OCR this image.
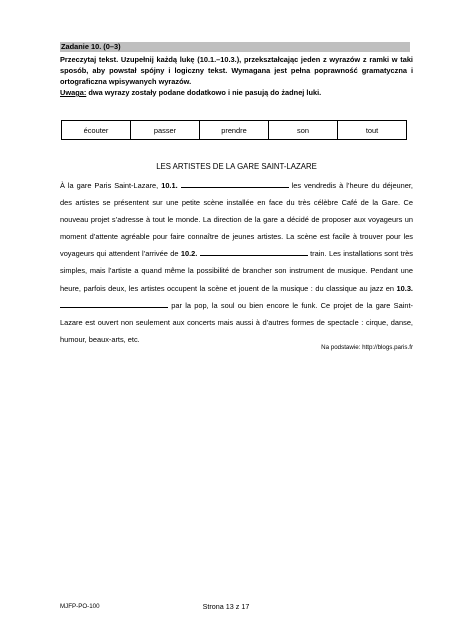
Zadanie 10. (0–3)

Przeczytaj tekst. Uzupełnij każdą lukę (10.1.–10.3.), przekształcając jeden z wyrazów z ramki w taki sposób, aby powstał spójny i logiczny tekst. Wymagana jest pełna poprawność gramatyczna i ortograficzna wpisywanych wyrazów.

Uwaga: dwa wyrazy zostały podane dodatkowo i nie pasują do żadnej luki.

écouter	passer	prendre	son	tout
LES ARTISTES DE LA GARE SAINT-LAZARE

À la gare Paris Saint-Lazare, 10.1.	les vendredis à l’heure du déjeuner, des artistes se présentent sur une petite scène installée en face du très célèbre Café de la Gare. Ce nouveau projet s’adresse à tout le monde. La direction de la gare a décidé de proposer aux voyageurs un moment d’attente agréable pour faire connaître de jeunes artistes. La scène est facile à trouver pour les voyageurs qui attendent l’arrivée de 10.2.	train. Les installations sont très simples, mais l’artiste a quand même la possibilité de brancher son instrument de musique. Pendant une heure, parfois deux, les artistes occupent la scène et jouent de la musique : du classique au jazz en 10.3.  par la pop, la soul ou bien encore le funk. Ce projet de la gare Saint-Lazare est ouvert non seulement aux concerts mais aussi à d’autres formes de spectacle : cirque, danse, humour, beaux-arts, etc.

Na podstawie: http://blogs.paris.fr
MJFP-PO-100	Strona 13 z 17
